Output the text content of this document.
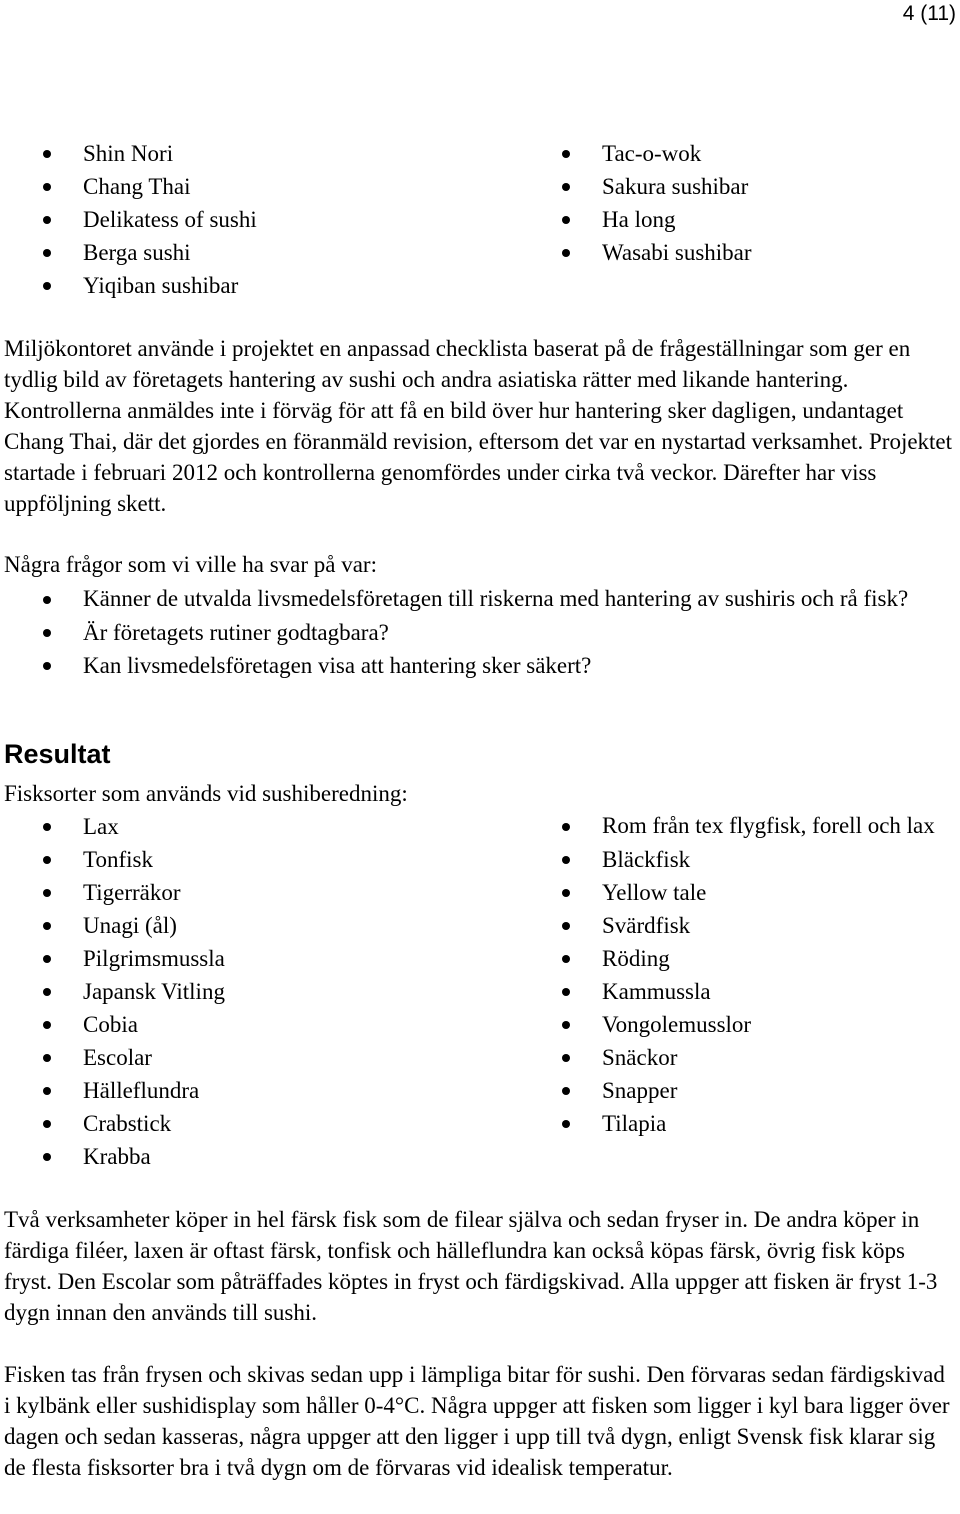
4 (11)
Shin Nori
Chang Thai
Delikatess of sushi
Berga sushi
Yiqiban sushibar
Tac-o-wok
Sakura sushibar
Ha long
Wasabi sushibar

Miljökontoret använde i projektet en anpassad checklista baserat på de frågeställningar som ger en tydlig bild av företagets hantering av sushi och andra asiatiska rätter med likande hantering. Kontrollerna anmäldes inte i förväg för att få en bild över hur hantering sker dagligen, undantaget Chang Thai, där det gjordes en föranmäld revision, eftersom det var en nystartad verksamhet. Projektet startade i februari 2012 och kontrollerna genomfördes under cirka två veckor. Därefter har viss uppföljning skett.

Några frågor som vi ville ha svar på var:

Känner de utvalda livsmedelsföretagen till riskerna med hantering av sushiris och rå fisk?
Är företagets rutiner godtagbara?
Kan livsmedelsföretagen visa att hantering sker säkert?
Resultat

Fisksorter som används vid sushiberedning:

Lax
Tonfisk
Tigerräkor
Unagi (ål)
Pilgrimsmussla
Japansk Vitling
Cobia
Escolar
Hälleflundra
Crabstick
Krabba
Rom från tex flygfisk, forell och lax
Bläckfisk
Yellow tale
Svärdfisk
Röding
Kammussla
Vongolemusslor
Snäckor
Snapper
Tilapia

Två verksamheter köper in hel färsk fisk som de filear själva och sedan fryser in. De andra köper in färdiga filéer, laxen är oftast färsk, tonfisk och hälleflundra kan också köpas färsk, övrig fisk köps fryst. Den Escolar som påträffades köptes in fryst och färdigskivad. Alla uppger att fisken är fryst 1-3 dygn innan den används till sushi.

Fisken tas från frysen och skivas sedan upp i lämpliga bitar för sushi. Den förvaras sedan färdigskivad i kylbänk eller sushidisplay som håller 0-4°C. Några uppger att fisken som ligger i kyl bara ligger över dagen och sedan kasseras, några uppger att den ligger i upp till två dygn, enligt Svensk fisk klarar sig de flesta fisksorter bra i två dygn om de förvaras vid idealisk temperatur.
